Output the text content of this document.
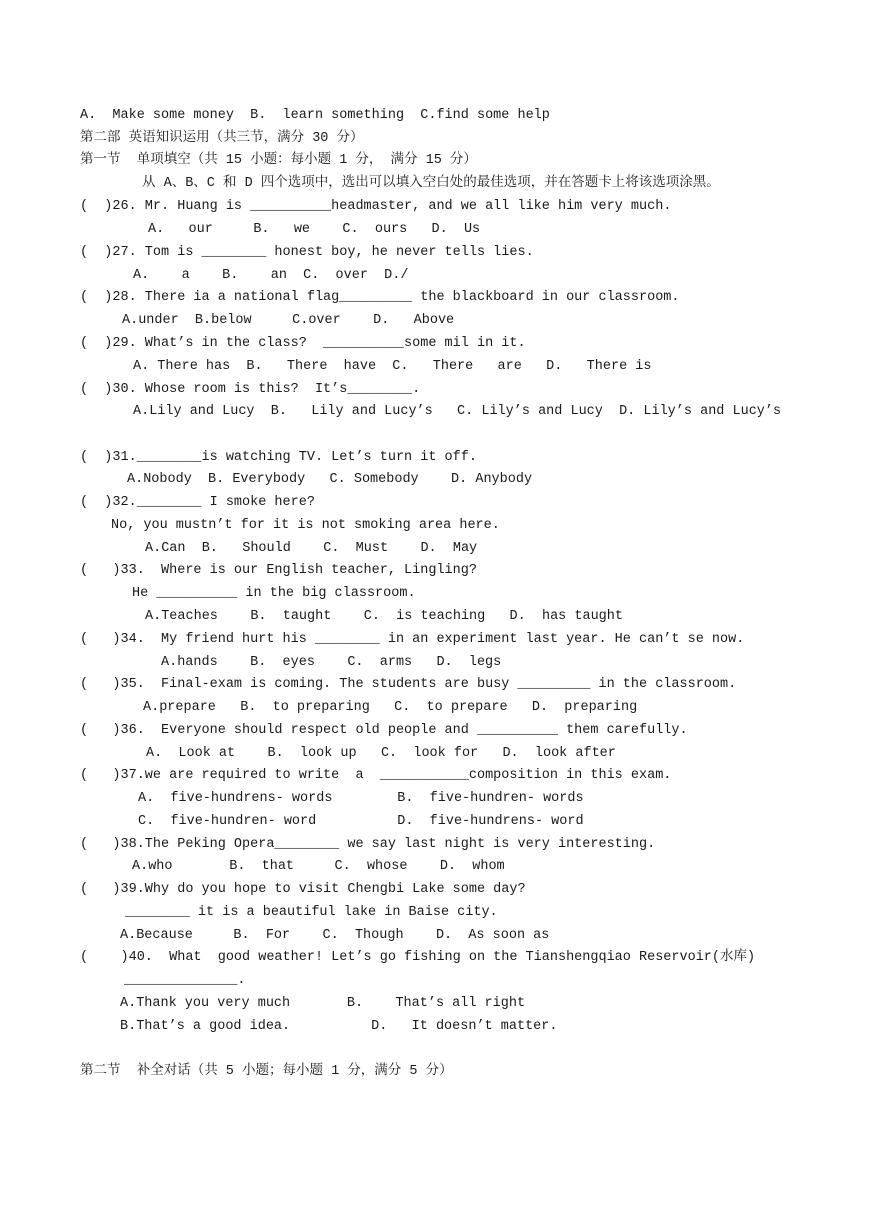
A.  Make some money  B.  learn something  C.find some help
第二部 英语知识运用（共三节，满分 30 分）
第一节  单项填空（共 15 小题：每小题 1 分， 满分 15 分）
从 A、B、C 和 D 四个选项中，选出可以填入空白处的最佳选项，并在答题卡上将该选项涂黑。
(  )26. Mr. Huang is __________headmaster, and we all like him very much.
A.   our     B.   we    C.  ours   D.  Us
(  )27. Tom is ________ honest boy, he never tells lies.
A.    a    B.    an  C.  over  D./
(  )28. There ia a national flag_________ the blackboard in our classroom.
A.under  B.below     C.over    D.   Above
(  )29. What’s in the class?  __________some mil in it.
A. There has  B.   There  have  C.   There   are   D.   There is
(  )30. Whose room is this?  It’s________.
A.Lily and Lucy  B.   Lily and Lucy’s   C. Lily’s and Lucy  D. Lily’s and Lucy’s
(  )31.________is watching TV. Let’s turn it off.
A.Nobody  B. Everybody   C. Somebody    D. Anybody
(  )32.________ I smoke here?
No, you mustn’t for it is not smoking area here.
A.Can  B.   Should    C.  Must    D.  May
(   )33.  Where is our English teacher, Lingling?
He __________ in the big classroom.
A.Teaches    B.  taught    C.  is teaching   D.  has taught
(   )34.  My friend hurt his ________ in an experiment last year. He can’t se now.
A.hands    B.  eyes    C.  arms   D.  legs
(   )35.  Final-exam is coming. The students are busy _________ in the classroom.
A.prepare   B.  to preparing   C.  to prepare   D.  preparing
(   )36.  Everyone should respect old people and __________ them carefully.
A.  Look at    B.  look up   C.  look for   D.  look after
(   )37.we are required to write  a  ___________composition in this exam.
A.  five-hundrens- words        B.  five-hundren- words
C.  five-hundren- word          D.  five-hundrens- word
(   )38.The Peking Opera________ we say last night is very interesting.
A.who       B.  that     C.  whose    D.  whom
(   )39.Why do you hope to visit Chengbi Lake some day?
________ it is a beautiful lake in Baise city.
A.Because     B.  For    C.  Though    D.  As soon as
(    )40.  What  good weather! Let’s go fishing on the Tianshengqiao Reservoir(水库)
______________.
A.Thank you very much       B.    That’s all right
B.That’s a good idea.          D.   It doesn’t matter.
第二节  补全对话（共 5 小题；每小题 1 分，满分 5 分）
